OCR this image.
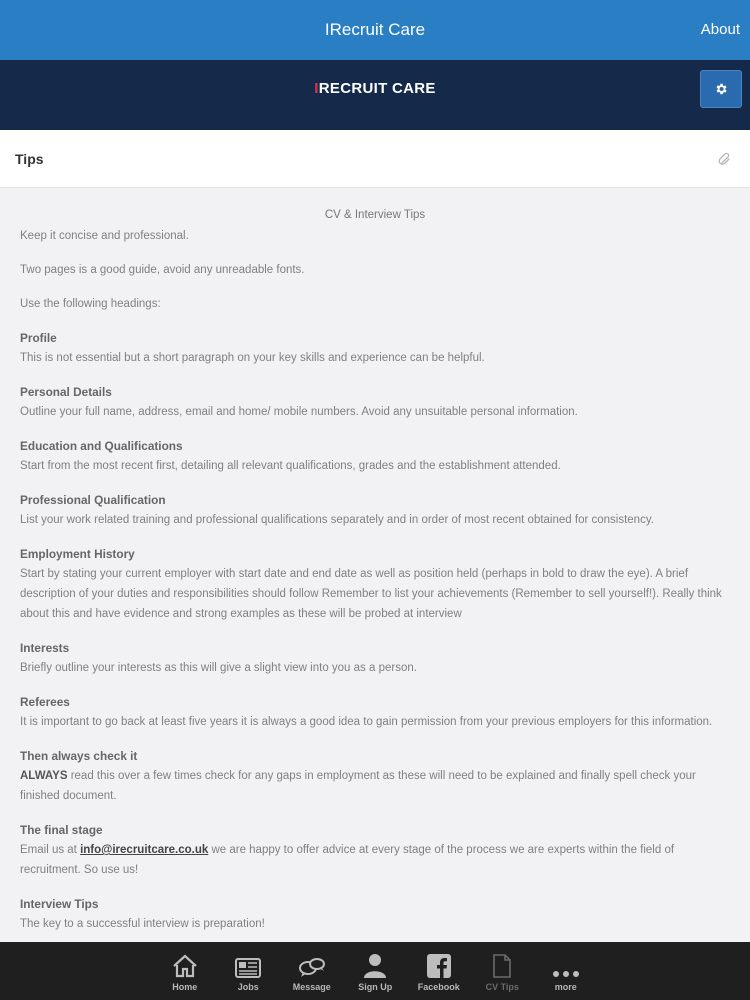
IRecruit Care	About
IRECRUIT CARE
Tips
CV & Interview Tips
Keep it concise and professional.
Two pages is a good guide, avoid any unreadable fonts.
Use the following headings:
Profile
This is not essential but a short paragraph on your key skills and experience can be helpful.
Personal Details
Outline your full name, address, email and home/ mobile numbers. Avoid any unsuitable personal information.
Education and Qualifications
Start from the most recent first, detailing all relevant qualifications, grades and the establishment attended.
Professional Qualification
List your work related training and professional qualifications separately and in order of most recent obtained for consistency.
Employment History
Start by stating your current employer with start date and end date as well as position held (perhaps in bold to draw the eye). A brief description of your duties and responsibilities should follow Remember to list your achievements (Remember to sell yourself!). Really think about this and have evidence and strong examples as these will be probed at interview
Interests
Briefly outline your interests as this will give a slight view into you as a person.
Referees
It is important to go back at least five years it is always a good idea to gain permission from your previous employers for this information.
Then always check it
ALWAYS read this over a few times check for any gaps in employment as these will need to be explained and finally spell check your finished document.
The final stage
Email us at info@irecruitcare.co.uk we are happy to offer advice at every stage of the process we are experts within the field of recruitment. So use us!
Interview Tips
The key to a successful interview is preparation!
Home	Jobs	Message	Sign Up	Facebook	CV Tips	more
